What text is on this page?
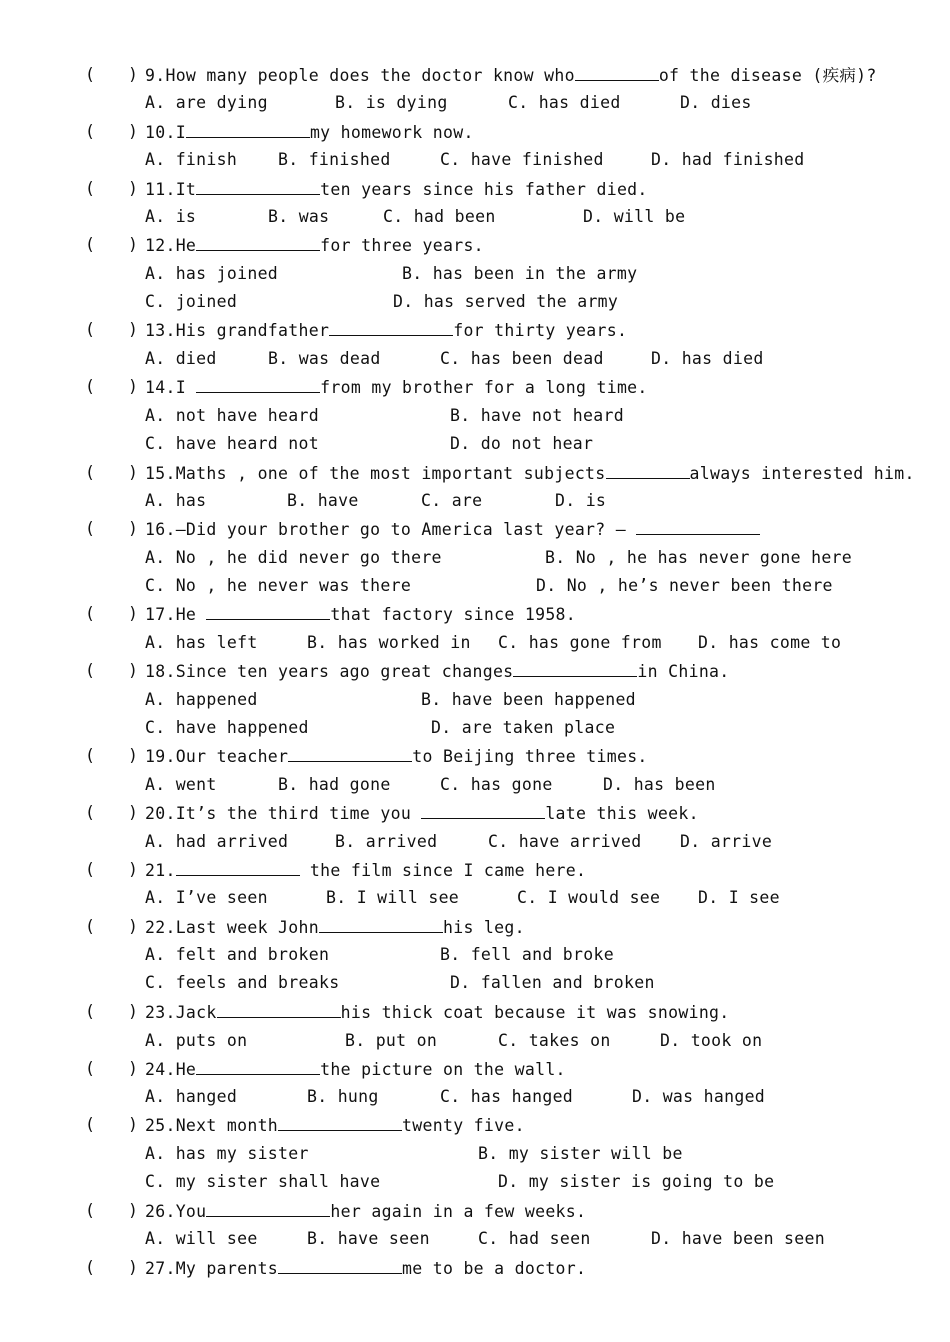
( ) 9.How many people does the doctor know who	of the disease (疾病)?
A. are dying	B. is dying	C. has died	D. dies
( ) 10.I	my homework now.
A. finish B. finished	C. have finished	D. had finished
( ) 11.It	ten years since his father died.
A. is	B. was	C. had been	D. will be
( ) 12.He	for three years.
A. has joined	B. has been in the army
C. joined	D. has served the army
( ) 13.His grandfather	for thirty years.
A. died	B. was dead	C. has been dead	D. has died
( ) 14.I	from my brother for a long time.
A. not have heard	B. have not heard
C. have heard not	D. do not hear
( ) 15.Maths , one of the most important subjects	always interested him.
A. has	B. have	C. are	D. is
( ) 16.—Did your brother go to America last year? —
A. No , he did never go there	B. No , he has never gone here
C. No , he never was there	D. No , he’s never been there
( ) 17.He	that factory since 1958.
A. has left	B. has worked in C. has gone from D. has come to
( ) 18.Since ten years ago great changes	in China.
A. happened	B. have been happened
C. have happened	D. are taken place
( ) 19.Our teacher	to Beijing three times.
A. went	B. had gone	C. has gone	D. has been
( ) 20.It’s the third time you	late this week.
A. had arrived	B. arrived	C. have arrived D. arrive
( ) 21.	the film since I came here.
A. I’ve seen	B. I will see	C. I would see D. I see
( ) 22.Last week John	his leg.
A. felt and broken	B. fell and broke
C. feels and breaks	D. fallen and broken
( ) 23.Jack	his thick coat because it was snowing.
A. puts on	B. put on	C. takes on	D. took on
( ) 24.He	the picture on the wall.
A. hanged	B. hung	C. has hanged	D. was hanged
( ) 25.Next month	twenty five.
A. has my sister	B. my sister will be
C. my sister shall have	D. my sister is going to be
( ) 26.You	her again in a few weeks.
A. will see	B. have seen	C. had seen	D. have been seen
( ) 27.My parents	me to be a doctor.
